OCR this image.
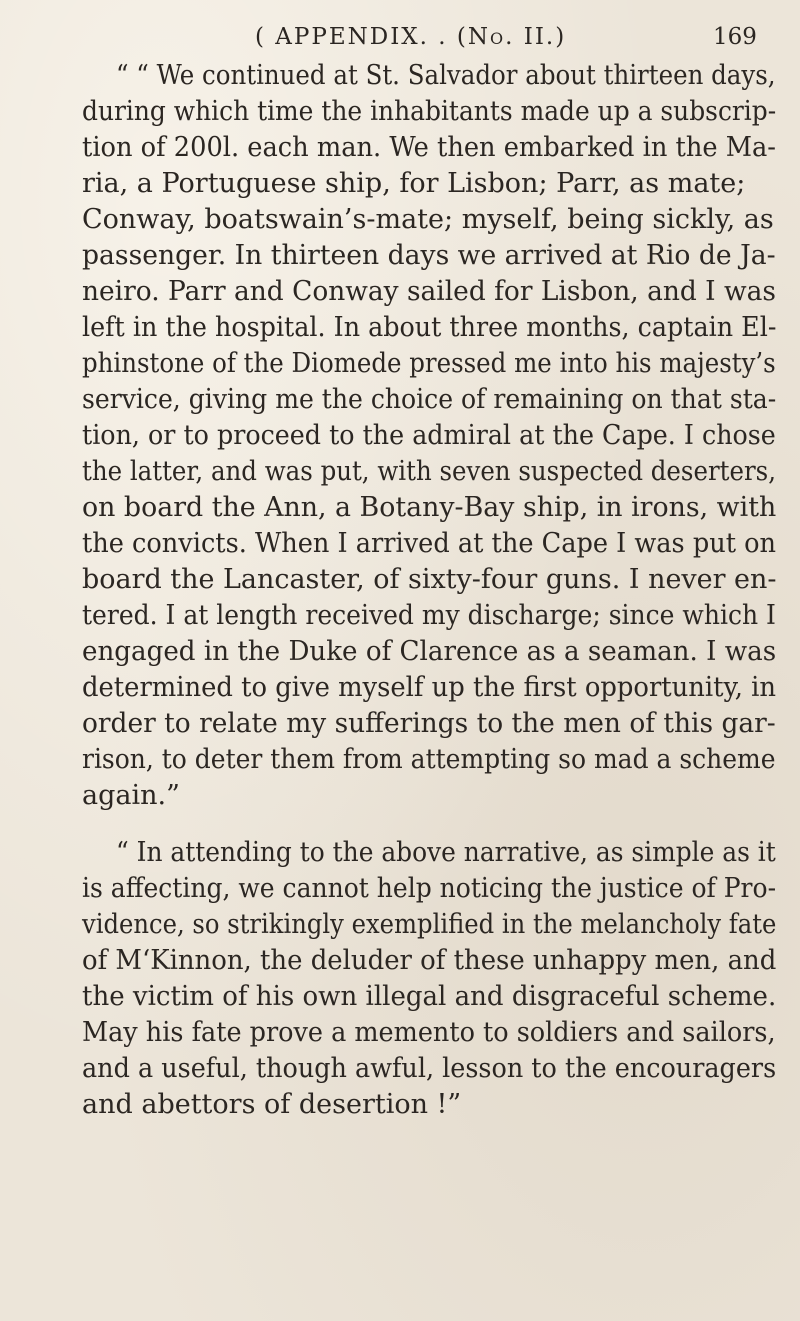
( APPENDIX. . (No. II.)	169
“ “ We continued at St. Salvador about thirteen days,
during which time the inhabitants made up a subscrip-
tion of 200l. each man. We then embarked in the Ma-
ria, a Portuguese ship, for Lisbon; Parr, as mate;
Conway, boatswain’s-mate; myself, being sickly, as
passenger. In thirteen days we arrived at Rio de Ja-
neiro. Parr and Conway sailed for Lisbon, and I was
left in the hospital. In about three months, captain El-
phinstone of the Diomede pressed me into his majesty’s
service, giving me the choice of remaining on that sta-
tion, or to proceed to the admiral at the Cape. I chose
the latter, and was put, with seven suspected deserters,
on board the Ann, a Botany-Bay ship, in irons, with
the convicts. When I arrived at the Cape I was put on
board the Lancaster, of sixty-four guns. I never en-
tered. I at length received my discharge; since which I
engaged in the Duke of Clarence as a seaman. I was
determined to give myself up the first opportunity, in
order to relate my sufferings to the men of this gar-
rison, to deter them from attempting so mad a scheme
again.”
“ In attending to the above narrative, as simple as it
is affecting, we cannot help noticing the justice of Pro-
vidence, so strikingly exemplified in the melancholy fate
of M‘Kinnon, the deluder of these unhappy men, and
the victim of his own illegal and disgraceful scheme.
May his fate prove a memento to soldiers and sailors,
and a useful, though awful, lesson to the encouragers
and abettors of desertion !”
